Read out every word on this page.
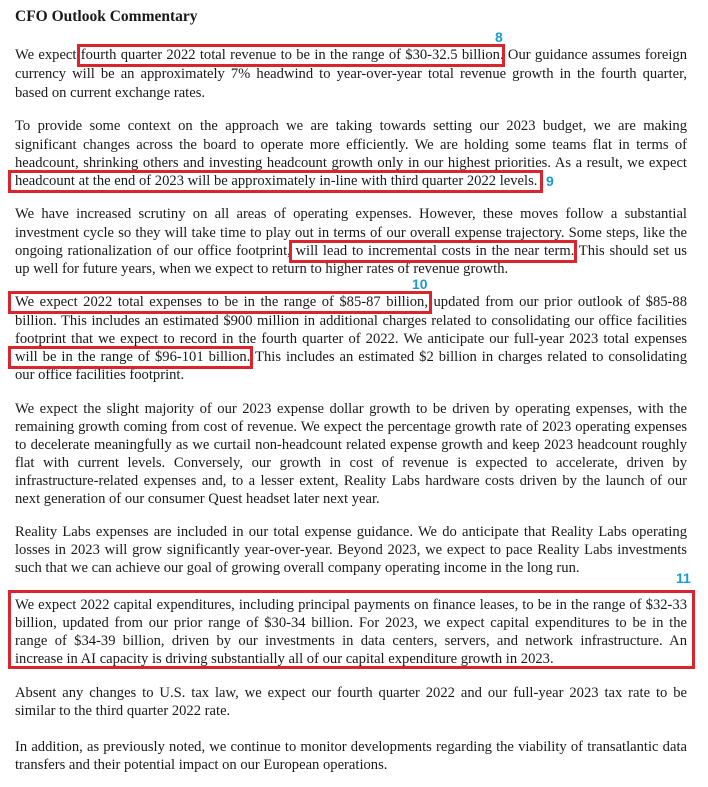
CFO Outlook Commentary
We expect fourth quarter 2022 total revenue to be in the range of $30-32.5 billion. Our guidance assumes foreign
currency will be an approximately 7% headwind to year-over-year total revenue growth in the fourth quarter,
based on current exchange rates.
To provide some context on the approach we are taking towards setting our 2023 budget, we are making
significant changes across the board to operate more efficiently. We are holding some teams flat in terms of
headcount, shrinking others and investing headcount growth only in our highest priorities. As a result, we expect
headcount at the end of 2023 will be approximately in-line with third quarter 2022 levels.
We have increased scrutiny on all areas of operating expenses. However, these moves follow a substantial
investment cycle so they will take time to play out in terms of our overall expense trajectory. Some steps, like the
ongoing rationalization of our office footprint, will lead to incremental costs in the near term. This should set us
up well for future years, when we expect to return to higher rates of revenue growth.
We expect 2022 total expenses to be in the range of $85-87 billion, updated from our prior outlook of $85-88
billion. This includes an estimated $900 million in additional charges related to consolidating our office facilities
footprint that we expect to record in the fourth quarter of 2022. We anticipate our full-year 2023 total expenses
will be in the range of $96-101 billion. This includes an estimated $2 billion in charges related to consolidating
our office facilities footprint.
We expect the slight majority of our 2023 expense dollar growth to be driven by operating expenses, with the
remaining growth coming from cost of revenue. We expect the percentage growth rate of 2023 operating expenses
to decelerate meaningfully as we curtail non-headcount related expense growth and keep 2023 headcount roughly
flat with current levels. Conversely, our growth in cost of revenue is expected to accelerate, driven by
infrastructure-related expenses and, to a lesser extent, Reality Labs hardware costs driven by the launch of our
next generation of our consumer Quest headset later next year.
Reality Labs expenses are included in our total expense guidance. We do anticipate that Reality Labs operating
losses in 2023 will grow significantly year-over-year. Beyond 2023, we expect to pace Reality Labs investments
such that we can achieve our goal of growing overall company operating income in the long run.
We expect 2022 capital expenditures, including principal payments on finance leases, to be in the range of $32-33
billion, updated from our prior range of $30-34 billion. For 2023, we expect capital expenditures to be in the
range of $34-39 billion, driven by our investments in data centers, servers, and network infrastructure. An
increase in AI capacity is driving substantially all of our capital expenditure growth in 2023.
Absent any changes to U.S. tax law, we expect our fourth quarter 2022 and our full-year 2023 tax rate to be
similar to the third quarter 2022 rate.
In addition, as previously noted, we continue to monitor developments regarding the viability of transatlantic data
transfers and their potential impact on our European operations.
8
9
10
11
